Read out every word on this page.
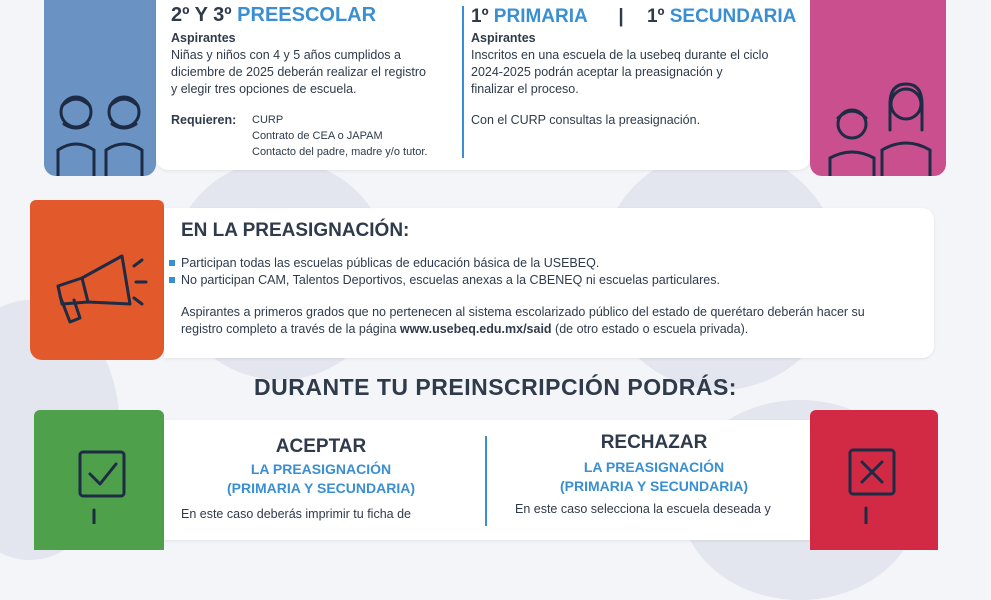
2º Y 3º PREESCOLAR
Aspirantes
Niñas y niños con 4 y 5 años cumplidos a
diciembre de 2025 deberán realizar el registro
y elegir tres opciones de escuela.
Requieren: CURP
Contrato de CEA o JAPAM
Contacto del padre, madre y/o tutor.
1º PRIMARIA | 1º SECUNDARIA
Aspirantes
Inscritos en una escuela de la usebeq durante el ciclo
2024-2025 podrán aceptar la preasignación y
finalizar el proceso.
Con el CURP consultas la preasignación.
EN LA PREASIGNACIÓN:
Participan todas las escuelas públicas de educación básica de la USEBEQ.
No participan CAM, Talentos Deportivos, escuelas anexas a la CBENEQ ni escuelas particulares.
Aspirantes a primeros grados que no pertenecen al sistema escolarizado público del estado de querétaro deberán hacer su
registro completo a través de la página www.usebeq.edu.mx/said (de otro estado o escuela privada).
DURANTE TU PREINSCRIPCIÓN PODRÁS:
ACEPTAR
LA PREASIGNACIÓN
(PRIMARIA Y SECUNDARIA)
En este caso deberás imprimir tu ficha de
RECHAZAR
LA PREASIGNACIÓN
(PRIMARIA Y SECUNDARIA)
En este caso selecciona la escuela deseada y
